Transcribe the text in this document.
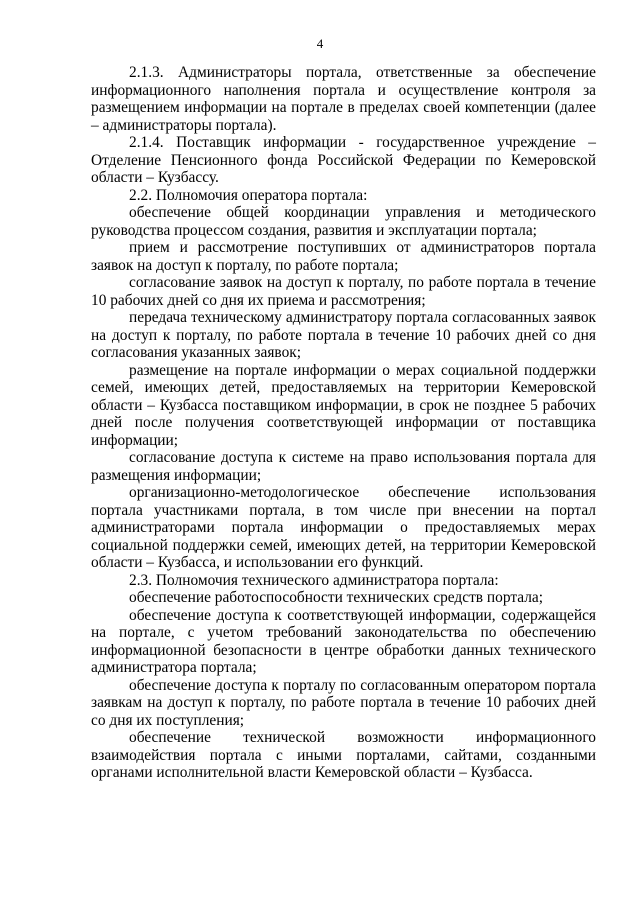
4

2.1.3. Администраторы портала, ответственные за обеспечение информационного наполнения портала и осуществление контроля за размещением информации на портале в пределах своей компетенции (далее – администраторы портала).

2.1.4. Поставщик информации - государственное учреждение – Отделение Пенсионного фонда Российской Федерации по Кемеровской области – Кузбассу.

2.2. Полномочия оператора портала:

обеспечение общей координации управления и методического руководства процессом создания, развития и эксплуатации портала;

прием и рассмотрение поступивших от администраторов портала заявок на доступ к порталу, по работе портала;

согласование заявок на доступ к порталу, по работе портала в течение 10 рабочих дней со дня их приема и рассмотрения;

передача техническому администратору портала согласованных заявок на доступ к порталу, по работе портала в течение 10 рабочих дней со дня согласования указанных заявок;

размещение на портале информации о мерах социальной поддержки семей, имеющих детей, предоставляемых на территории Кемеровской области – Кузбасса поставщиком информации, в срок не позднее 5 рабочих дней после получения соответствующей информации от поставщика информации;

согласование доступа к системе на право использования портала для размещения информации;

организационно-методологическое обеспечение использования портала участниками портала, в том числе при внесении на портал администраторами портала информации о предоставляемых мерах социальной поддержки семей, имеющих детей, на территории Кемеровской области – Кузбасса, и использовании его функций.

2.3. Полномочия технического администратора портала:

обеспечение работоспособности технических средств портала;

обеспечение доступа к соответствующей информации, содержащейся на портале, с учетом требований законодательства по обеспечению информационной безопасности в центре обработки данных технического администратора портала;

обеспечение доступа к порталу по согласованным оператором портала заявкам на доступ к порталу, по работе портала в течение 10 рабочих дней со дня их поступления;

обеспечение технической возможности информационного взаимодействия портала с иными порталами, сайтами, созданными органами исполнительной власти Кемеровской области – Кузбасса.
